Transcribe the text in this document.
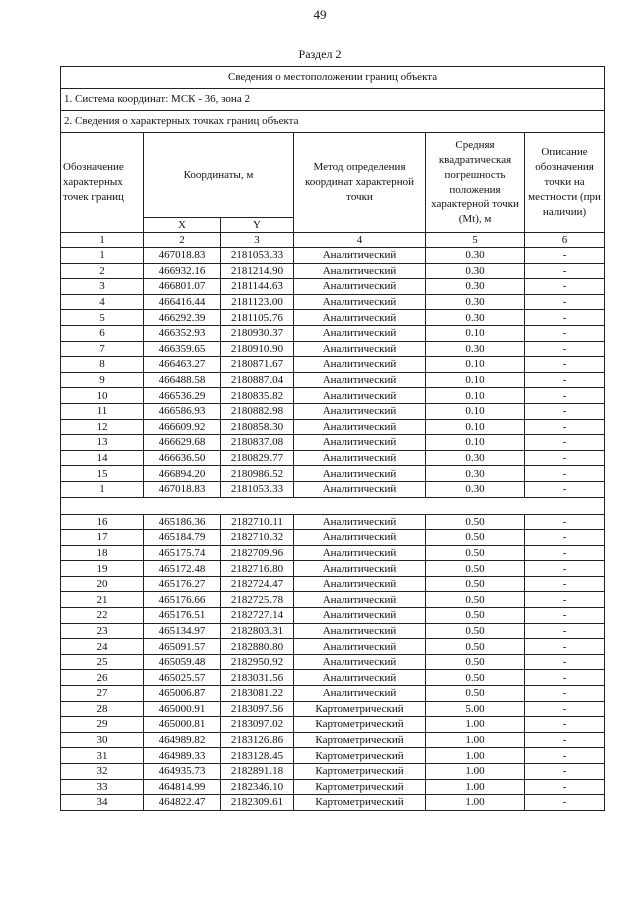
49
Раздел 2
Сведения о местоположении границ объекта					
1. Система координат: МСК - 36, зона 2					
2. Сведения о характерных точках границ объекта					
Обозначение характерных точек границ	Координаты, м		Метод определения координат характерной точки	Средняя квадратическая погрешность положения характерной точки (Mt), м	Описание обозначения точки на местности (при наличии)
	X	Y			
1	2	3	4	5	6
1	467018.83	2181053.33	Аналитический	0.30	-
2	466932.16	2181214.90	Аналитический	0.30	-
3	466801.07	2181144.63	Аналитический	0.30	-
4	466416.44	2181123.00	Аналитический	0.30	-
5	466292.39	2181105.76	Аналитический	0.30	-
6	466352.93	2180930.37	Аналитический	0.10	-
7	466359.65	2180910.90	Аналитический	0.30	-
8	466463.27	2180871.67	Аналитический	0.10	-
9	466488.58	2180887.04	Аналитический	0.10	-
10	466536.29	2180835.82	Аналитический	0.10	-
11	466586.93	2180882.98	Аналитический	0.10	-
12	466609.92	2180858.30	Аналитический	0.10	-
13	466629.68	2180837.08	Аналитический	0.10	-
14	466636.50	2180829.77	Аналитический	0.30	-
15	466894.20	2180986.52	Аналитический	0.30	-
1	467018.83	2181053.33	Аналитический	0.30	-

16	465186.36	2182710.11	Аналитический	0.50	-
17	465184.79	2182710.32	Аналитический	0.50	-
18	465175.74	2182709.96	Аналитический	0.50	-
19	465172.48	2182716.80	Аналитический	0.50	-
20	465176.27	2182724.47	Аналитический	0.50	-
21	465176.66	2182725.78	Аналитический	0.50	-
22	465176.51	2182727.14	Аналитический	0.50	-
23	465134.97	2182803.31	Аналитический	0.50	-
24	465091.57	2182880.80	Аналитический	0.50	-
25	465059.48	2182950.92	Аналитический	0.50	-
26	465025.57	2183031.56	Аналитический	0.50	-
27	465006.87	2183081.22	Аналитический	0.50	-
28	465000.91	2183097.56	Картометрический	5.00	-
29	465000.81	2183097.02	Картометрический	1.00	-
30	464989.82	2183126.86	Картометрический	1.00	-
31	464989.33	2183128.45	Картометрический	1.00	-
32	464935.73	2182891.18	Картометрический	1.00	-
33	464814.99	2182346.10	Картометрический	1.00	-
34	464822.47	2182309.61	Картометрический	1.00	-
